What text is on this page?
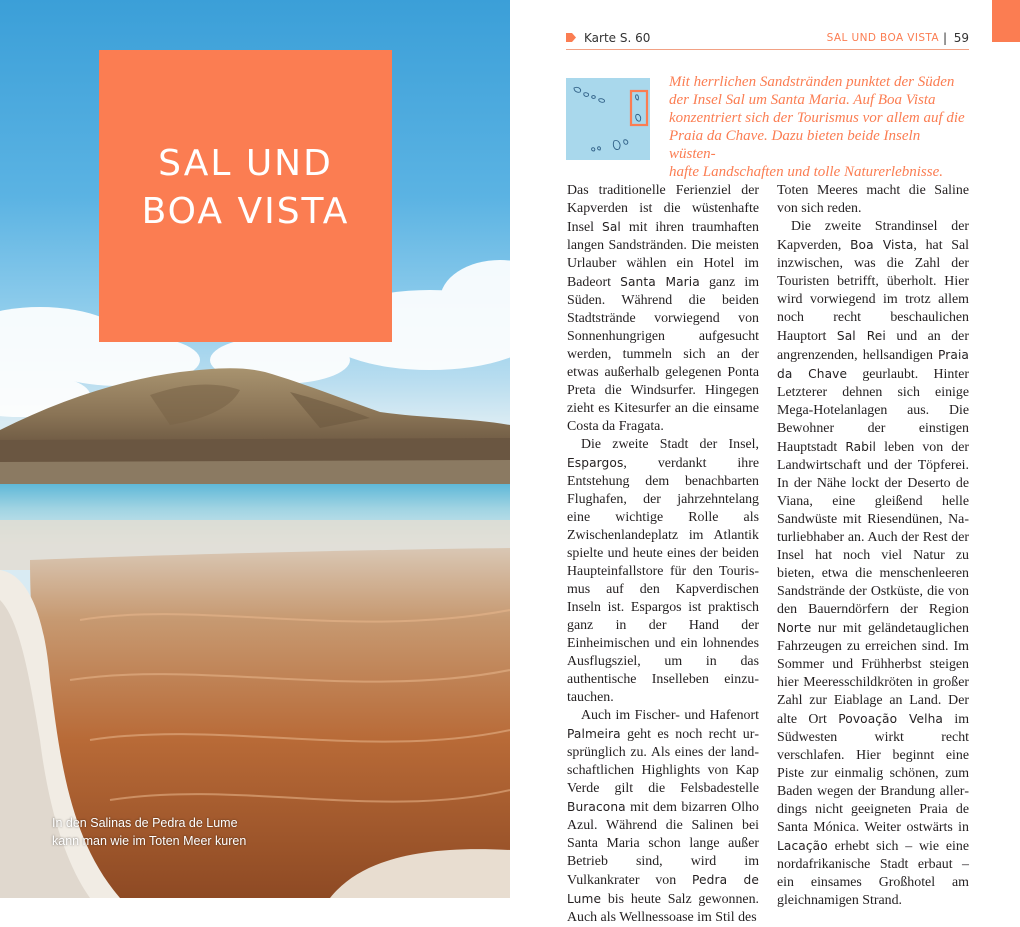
SAL UND
BOA VISTA
In den Salinas de Pedra de Lume
kann man wie im Toten Meer kuren
Karte S. 60	SAL UND BOA VISTA | 59
Mit herrlichen Sandstränden punktet der Süden
der Insel Sal um Santa Maria. Auf Boa Vista
konzentriert sich der Tourismus vor allem auf die
Praia da Chave. Dazu bieten beide Inseln wüsten-
hafte Landschaften und tolle Naturerlebnisse.

Das traditionelle Ferienziel der Kapverden ist die wüstenhafte Insel Sal mit ihren traumhaften langen Sandstränden. Die meisten Urlauber wählen ein Hotel im Badeort Santa Maria ganz im Süden. Während die beiden Stadtstrände vorwiegend von Sonnenhungrigen aufgesucht werden, tummeln sich an der etwas außerhalb gelegenen Ponta Preta die Windsurfer. Hingegen zieht es Kitesurfer an die einsame Costa da Fragata.

Die zweite Stadt der Insel, Espargos, verdankt ihre Entstehung dem benachbarten Flughafen, der jahrzehntelang eine wichtige Rolle als Zwischenlandeplatz im Atlantik spielte und heute eines der beiden Haupteinfallstore für den Tourismus auf den Kapverdischen Inseln ist. Espargos ist praktisch ganz in der Hand der Einheimischen und ein lohnendes Ausflugsziel, um in das authentische Inselleben einzutauchen.

Auch im Fischer- und Hafenort Palmeira geht es noch recht ursprünglich zu. Als eines der landschaftlichen Highlights von Kap Verde gilt die Felsbadestelle Buracona mit dem bizarren Olho Azul. Während die Salinen bei Santa Maria schon lange außer Betrieb sind, wird im Vulkankrater von Pedra de Lume bis heute Salz gewonnen. Auch als Wellnessoase im Stil des

Toten Meeres macht die Saline von sich reden.

Die zweite Strandinsel der Kapverden, Boa Vista, hat Sal inzwischen, was die Zahl der Touristen betrifft, überholt. Hier wird vorwiegend im trotz allem noch recht beschaulichen Hauptort Sal Rei und an der angrenzenden, hellsandigen Praia da Chave geurlaubt. Hinter Letzterer dehnen sich einige Mega-Hotelanlagen aus. Die Bewohner der einstigen Hauptstadt Rabil leben von der Landwirtschaft und der Töpferei. In der Nähe lockt der Deserto de Viana, eine gleißend helle Sandwüste mit Riesendünen, Naturliebhaber an. Auch der Rest der Insel hat noch viel Natur zu bieten, etwa die menschenleeren Sandstrände der Ostküste, die von den Bauerndörfern der Region Norte nur mit geländetauglichen Fahrzeugen zu erreichen sind. Im Sommer und Frühherbst steigen hier Meeresschildkröten in großer Zahl zur Eiablage an Land. Der alte Ort Povoação Velha im Südwesten wirkt recht verschlafen. Hier beginnt eine Piste zur einmalig schönen, zum Baden wegen der Brandung allerdings nicht geeigneten Praia de Santa Mónica. Weiter ostwärts in Lacação erhebt sich – wie eine nordafrikanische Stadt erbaut – ein einsames Großhotel am gleichnamigen Strand.
